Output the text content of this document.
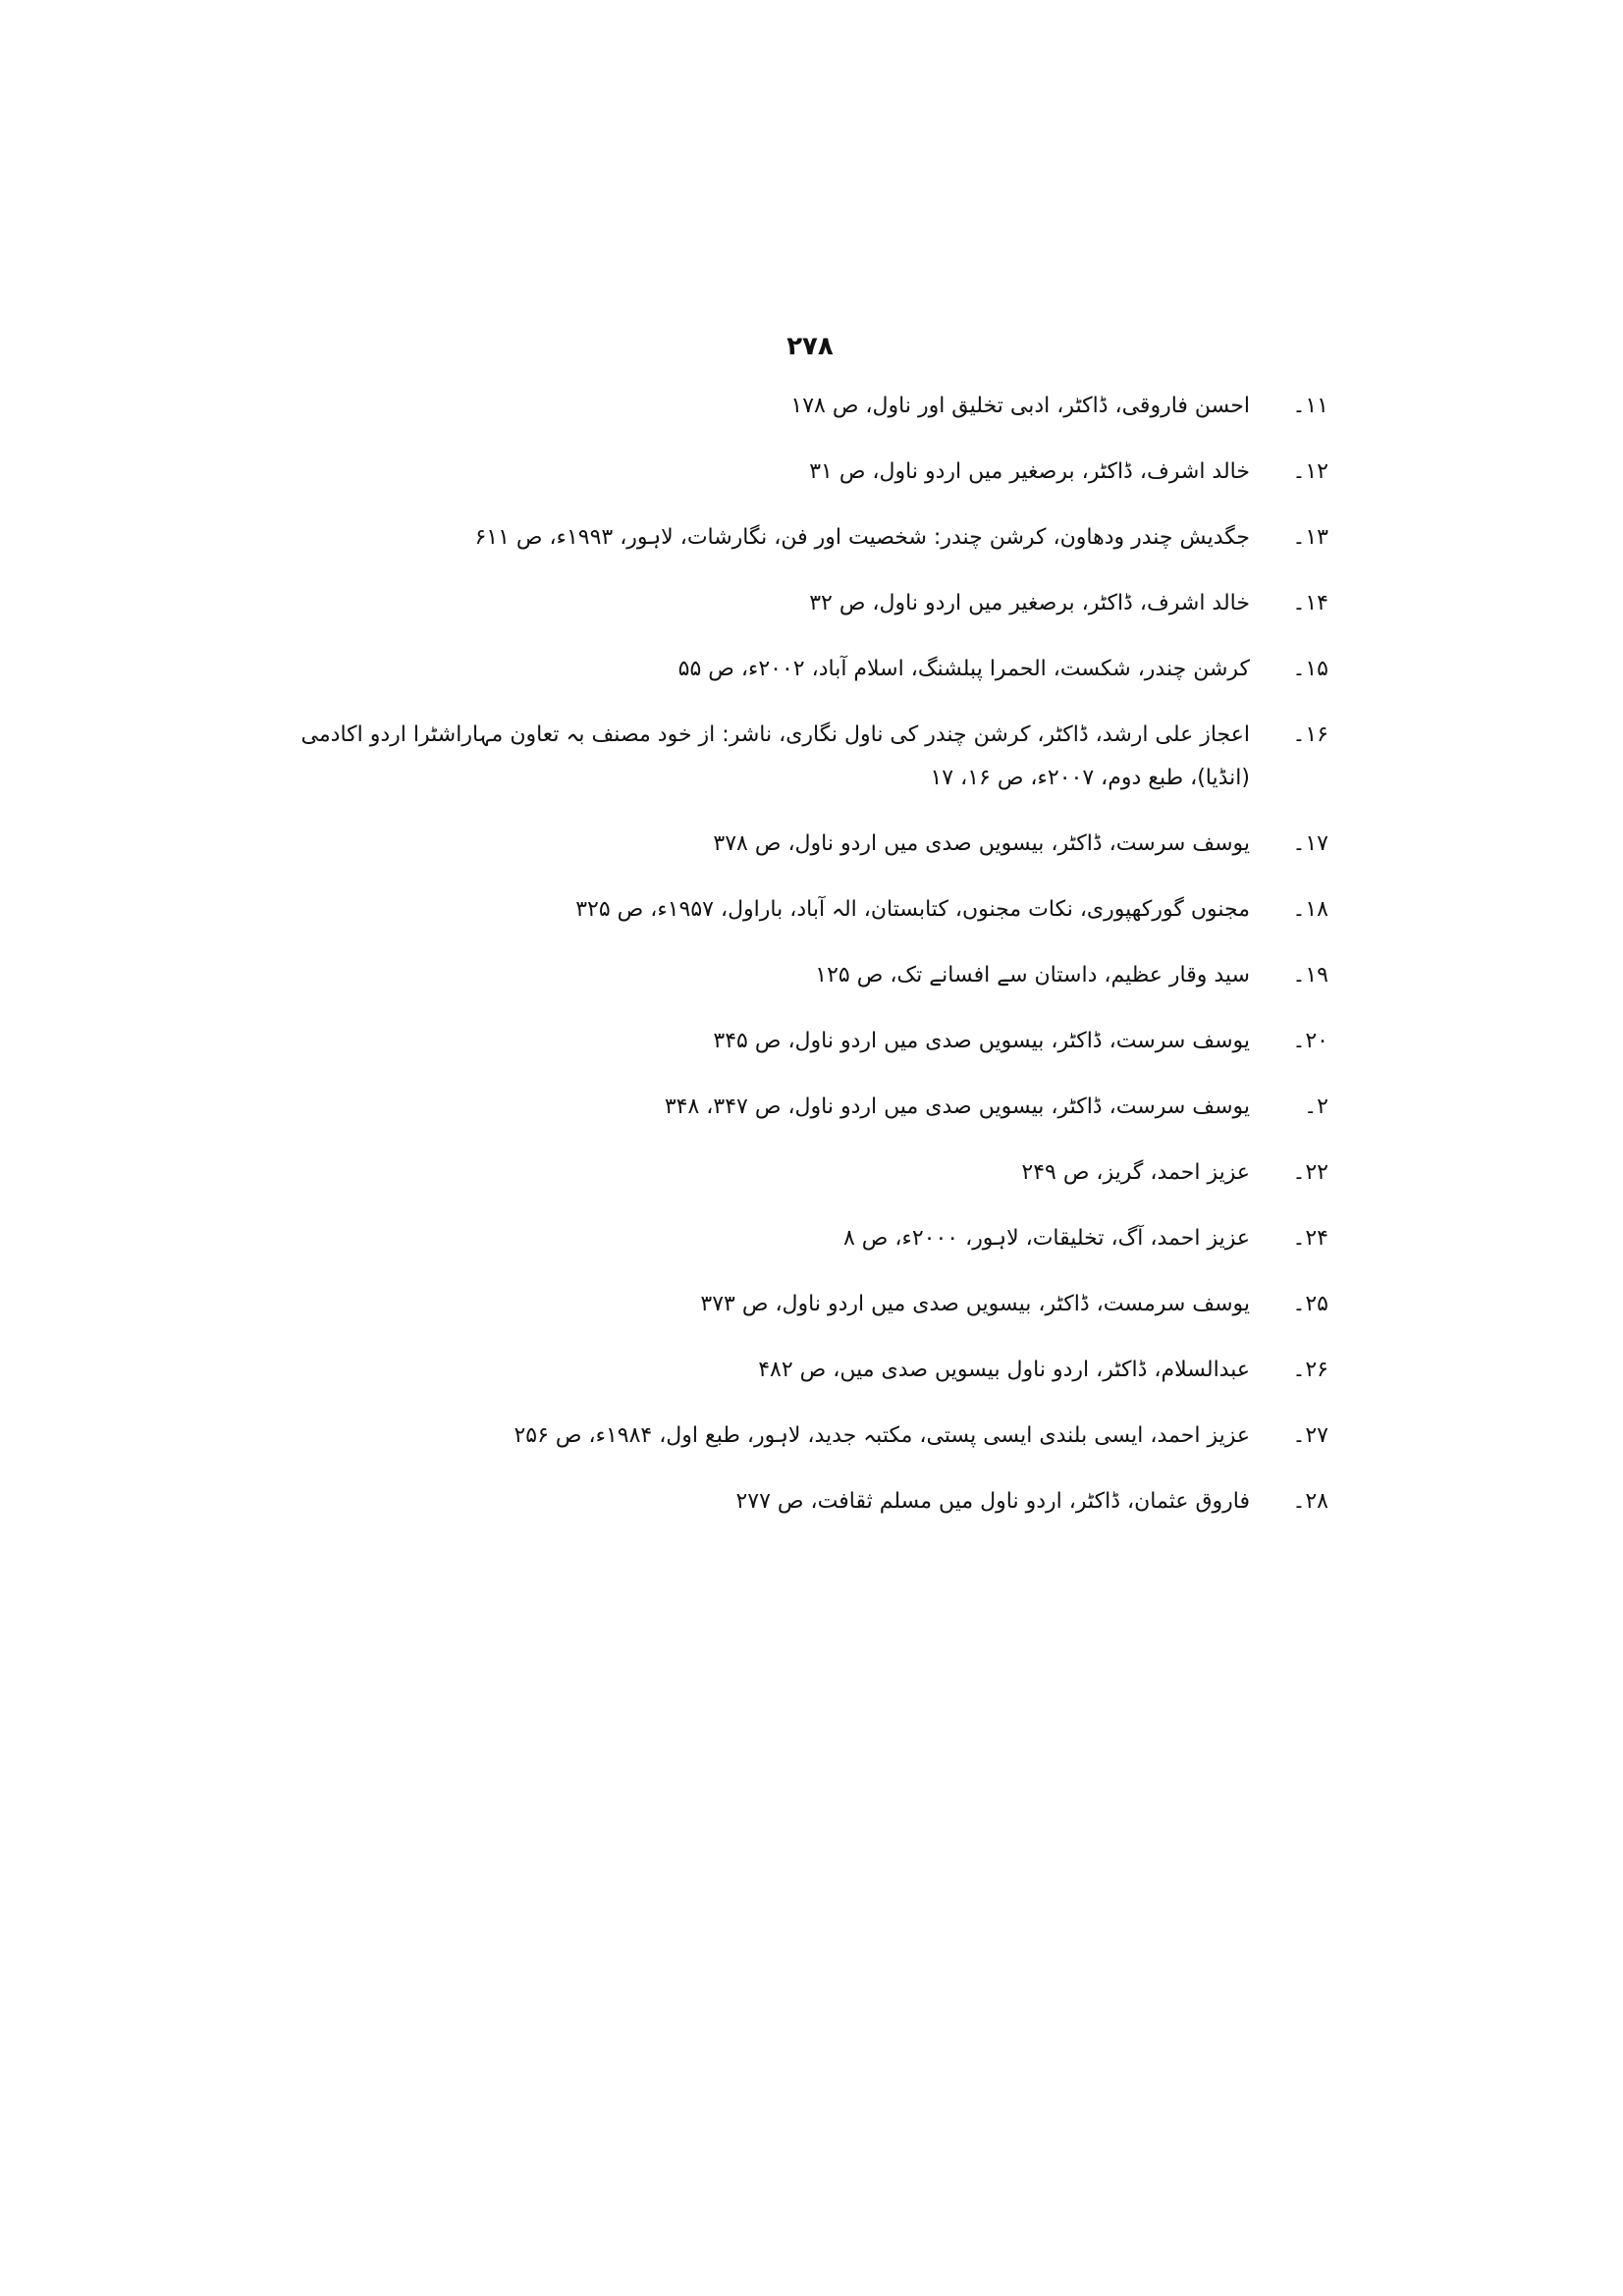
۲۷۸
۱۱۔
احسن فاروقی، ڈاکٹر، ادبی تخلیق اور ناول، ص ۱۷۸
۱۲۔
خالد اشرف، ڈاکٹر، برصغیر میں اردو ناول، ص ۳۱
۱۳۔
جگدیش چندر ودھاون، کرشن چندر: شخصیت اور فن، نگارشات، لاہور، ۱۹۹۳ء، ص ۶۱۱
۱۴۔
خالد اشرف، ڈاکٹر، برصغیر میں اردو ناول، ص ۳۲
۱۵۔
کرشن چندر، شکست، الحمرا پبلشنگ، اسلام آباد، ۲۰۰۲ء، ص ۵۵
۱۶۔
اعجاز علی ارشد، ڈاکٹر، کرشن چندر کی ناول نگاری، ناشر: از خود مصنف بہ تعاون مہاراشٹرا اردو اکادمی (انڈیا)، طبع دوم، ۲۰۰۷ء، ص ۱۶، ۱۷
۱۷۔
یوسف سرست، ڈاکٹر، بیسویں صدی میں اردو ناول، ص ۳۷۸
۱۸۔
مجنوں گورکھپوری، نکات مجنوں، کتابستان، الہ آباد، باراول، ۱۹۵۷ء، ص ۳۲۵
۱۹۔
سید وقار عظیم، داستان سے افسانے تک، ص ۱۲۵
۲۰۔
یوسف سرست، ڈاکٹر، بیسویں صدی میں اردو ناول، ص ۳۴۵
۲۔
یوسف سرست، ڈاکٹر، بیسویں صدی میں اردو ناول، ص ۳۴۷، ۳۴۸
۲۲۔
عزیز احمد، گریز، ص ۲۴۹
۲۴۔
عزیز احمد، آگ، تخلیقات، لاہور، ۲۰۰۰ء، ص ۸
۲۵۔
یوسف سرمست، ڈاکٹر، بیسویں صدی میں اردو ناول، ص ۳۷۳
۲۶۔
عبدالسلام، ڈاکٹر، اردو ناول بیسویں صدی میں، ص ۴۸۲
۲۷۔
عزیز احمد، ایسی بلندی ایسی پستی، مکتبہ جدید، لاہور، طبع اول، ۱۹۸۴ء، ص ۲۵۶
۲۸۔
فاروق عثمان، ڈاکٹر، اردو ناول میں مسلم ثقافت، ص ۲۷۷
